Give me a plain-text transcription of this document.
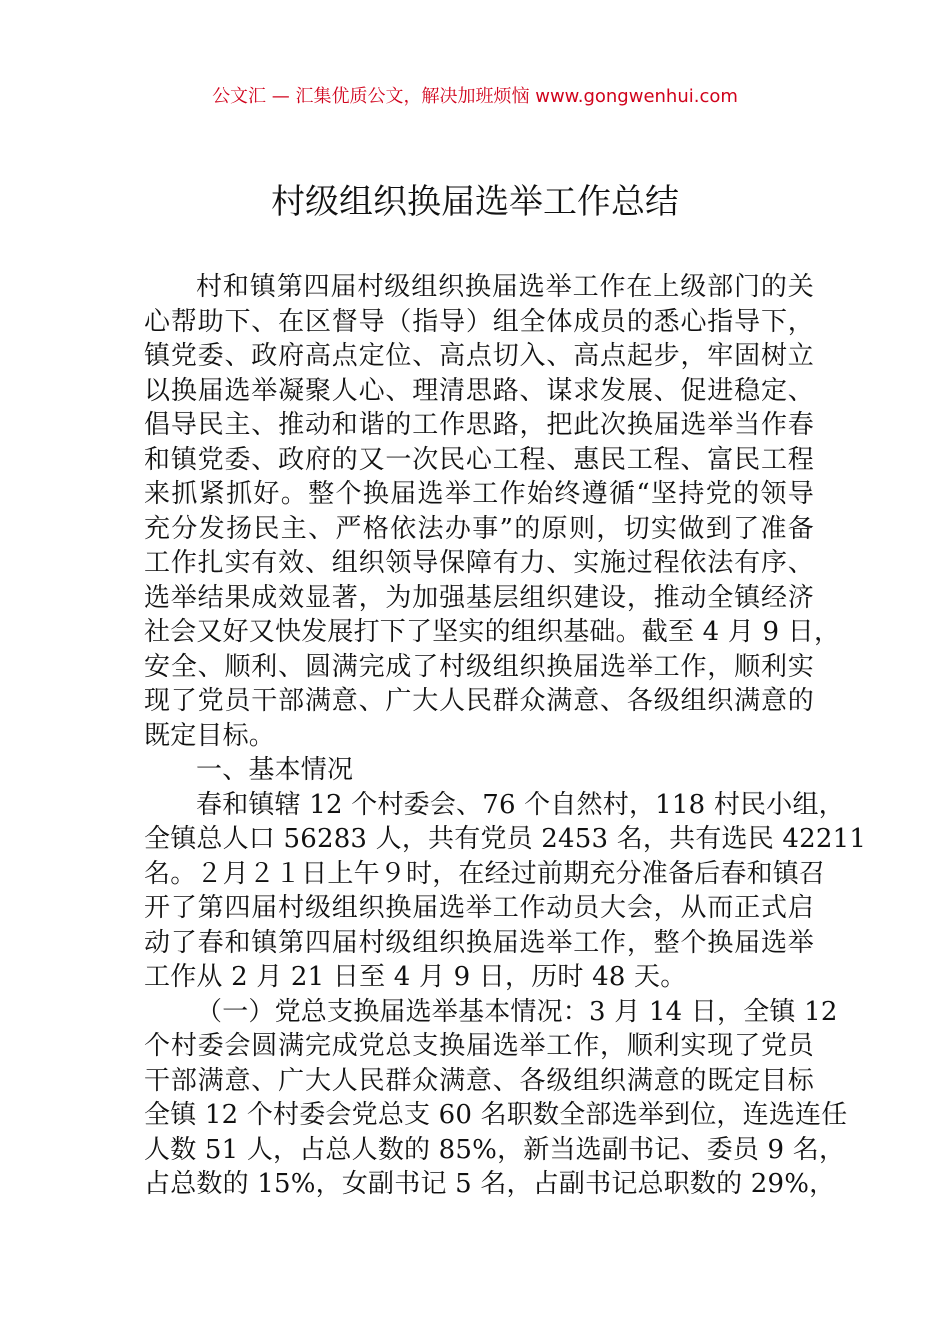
公文汇 — 汇集优质公文，解决加班烦恼 www.gongwenhui.com
村级组织换届选举工作总结
村和镇第四届村级组织换届选举工作在上级部门的关
心帮助下、在区督导（指导）组全体成员的悉心指导下，
镇党委、政府高点定位、高点切入、高点起步，牢固树立
以换届选举凝聚人心、理清思路、谋求发展、促进稳定、
倡导民主、推动和谐的工作思路，把此次换届选举当作春
和镇党委、政府的又一次民心工程、惠民工程、富民工程
来抓紧抓好。整个换届选举工作始终遵循“坚持党的领导
充分发扬民主、严格依法办事”的原则，切实做到了准备
工作扎实有效、组织领导保障有力、实施过程依法有序、
选举结果成效显著，为加强基层组织建设，推动全镇经济
社会又好又快发展打下了坚实的组织基础。截至 4 月 9 日，
安全、顺利、圆满完成了村级组织换届选举工作，顺利实
现了党员干部满意、广大人民群众满意、各级组织满意的
既定目标。
一、基本情况
春和镇辖 12 个村委会、76 个自然村，118 村民小组，
全镇总人口 56283 人，共有党员 2453 名，共有选民 42211
名。２月２１日上午９时，在经过前期充分准备后春和镇召
开了第四届村级组织换届选举工作动员大会，从而正式启
动了春和镇第四届村级组织换届选举工作，整个换届选举
工作从 2 月 21 日至 4 月 9 日，历时 48 天。
（一）党总支换届选举基本情况：3 月 14 日，全镇 12
个村委会圆满完成党总支换届选举工作，顺利实现了党员
干部满意、广大人民群众满意、各级组织满意的既定目标
全镇 12 个村委会党总支 60 名职数全部选举到位，连选连任
人数 51 人，占总人数的 85%，新当选副书记、委员 9 名，
占总数的 15%，女副书记 5 名，占副书记总职数的 29%，
